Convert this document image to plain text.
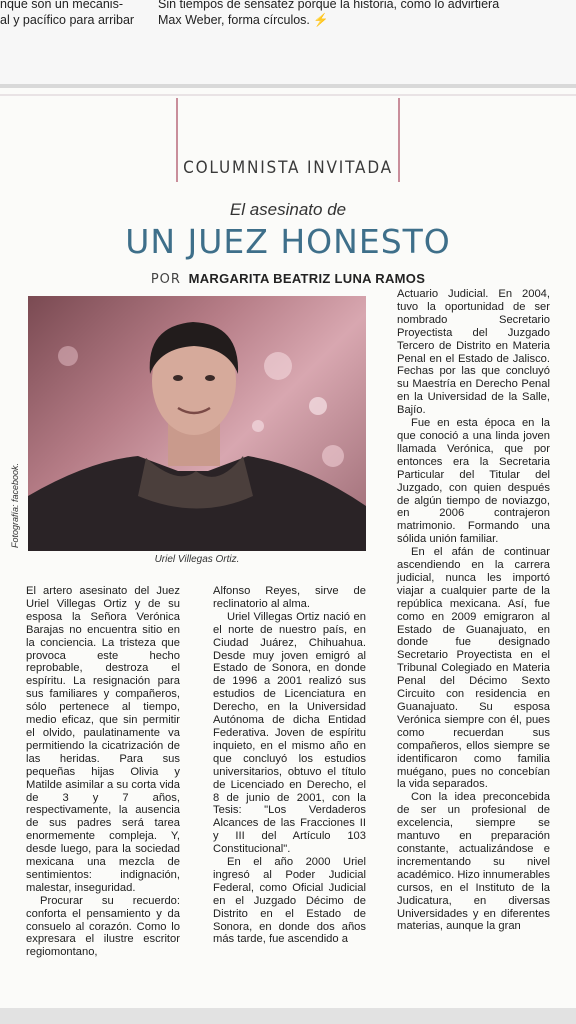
nque son un mecanis-
al y pacífico para arribar
Sin tiempos de sensatez porque la historia, como lo advirtiera
Max Weber, forma círculos. ⚡
COLUMNISTA INVITADA
El asesinato de
UN JUEZ HONESTO
POR MARGARITA BEATRIZ LUNA RAMOS
Fotografía: facebook.
Uriel Villegas Ortiz.

El artero asesinato del Juez Uriel Villegas Ortiz y de su esposa la Señora Verónica Barajas no encuentra sitio en la conciencia. La tristeza que provoca este hecho reprobable, destroza el espíritu. La resignación para sus familiares y compañeros, sólo pertenece al tiempo, medio eficaz, que sin permitir el olvido, paulatinamente va permitiendo la cicatrización de las heridas. Para sus pequeñas hijas Olivia y Matilde asimilar a su corta vida de 3 y 7 años, respectivamente, la ausencia de sus padres será tarea enormemente compleja. Y, desde luego, para la sociedad mexicana una mezcla de sentimientos: indignación, malestar, inseguridad.

Procurar su recuerdo: conforta el pensamiento y da consuelo al corazón. Como lo expresara el ilustre escritor regiomontano,

Alfonso Reyes, sirve de reclinatorio al alma.

Uriel Villegas Ortiz nació en el norte de nuestro país, en Ciudad Juárez, Chihuahua. Desde muy joven emigró al Estado de Sonora, en donde de 1996 a 2001 realizó sus estudios de Licenciatura en Derecho, en la Universidad Autónoma de dicha Entidad Federativa. Joven de espíritu inquieto, en el mismo año en que concluyó los estudios universitarios, obtuvo el título de Licenciado en Derecho, el 8 de junio de 2001, con la Tesis: "Los Verdaderos Alcances de las Fracciones II y III del Artículo 103 Constitucional".

En el año 2000 Uriel ingresó al Poder Judicial Federal, como Oficial Judicial en el Juzgado Décimo de Distrito en el Estado de Sonora, en donde dos años más tarde, fue ascendido a

Actuario Judicial. En 2004, tuvo la oportunidad de ser nombrado Secretario Proyectista del Juzgado Tercero de Distrito en Materia Penal en el Estado de Jalisco. Fechas por las que concluyó su Maestría en Derecho Penal en la Universidad de la Salle, Bajío.

Fue en esta época en la que conoció a una linda joven llamada Verónica, que por entonces era la Secretaria Particular del Titular del Juzgado, con quien después de algún tiempo de noviazgo, en 2006 contrajeron matrimonio. Formando una sólida unión familiar.

En el afán de continuar ascendiendo en la carrera judicial, nunca les importó viajar a cualquier parte de la república mexicana. Así, fue como en 2009 emigraron al Estado de Guanajuato, en donde fue designado Secretario Proyectista en el Tribunal Colegiado en Materia Penal del Décimo Sexto Circuito con residencia en Guanajuato. Su esposa Verónica siempre con él, pues como recuerdan sus compañeros, ellos siempre se identificaron como familia muégano, pues no concebían la vida separados.

Con la idea preconcebida de ser un profesional de excelencia, siempre se mantuvo en preparación constante, actualizándose e incrementando su nivel académico. Hizo innumerables cursos, en el Instituto de la Judicatura, en diversas Universidades y en diferentes materias, aunque la gran
